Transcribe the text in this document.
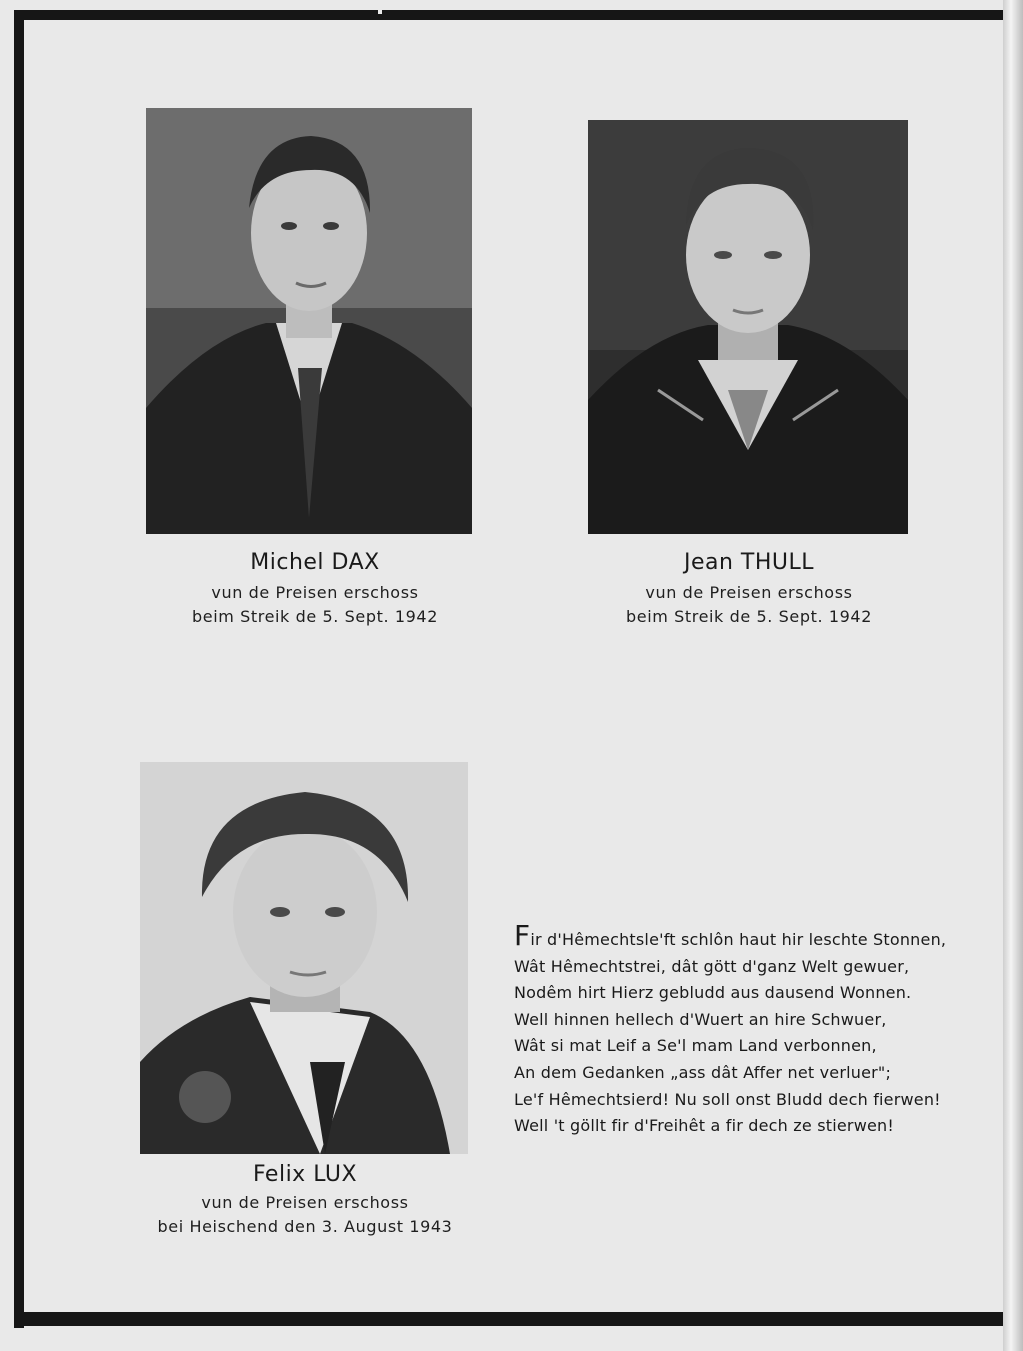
Michel DAX
vun de Preisen erschoss
beim Streik de 5. Sept. 1942
Jean THULL
vun de Preisen erschoss
beim Streik de 5. Sept. 1942
Felix LUX
vun de Preisen erschoss
bei Heischend den 3. August 1943
Fir d'Hêmechtsle'ft schlôn haut hir leschte Stonnen,
Wât Hêmechtstrei, dât gött d'ganz Welt gewuer,
Nodêm hirt Hierz gebludd aus dausend Wonnen.
Well hinnen hellech d'Wuert an hire Schwuer,
Wât si mat Leif a Se'l mam Land verbonnen,
An dem Gedanken „ass dât Affer net verluer";
Le'f Hêmechtsierd! Nu soll onst Bludd dech fierwen!
Well 't göllt fir d'Freihêt a fir dech ze stierwen!
